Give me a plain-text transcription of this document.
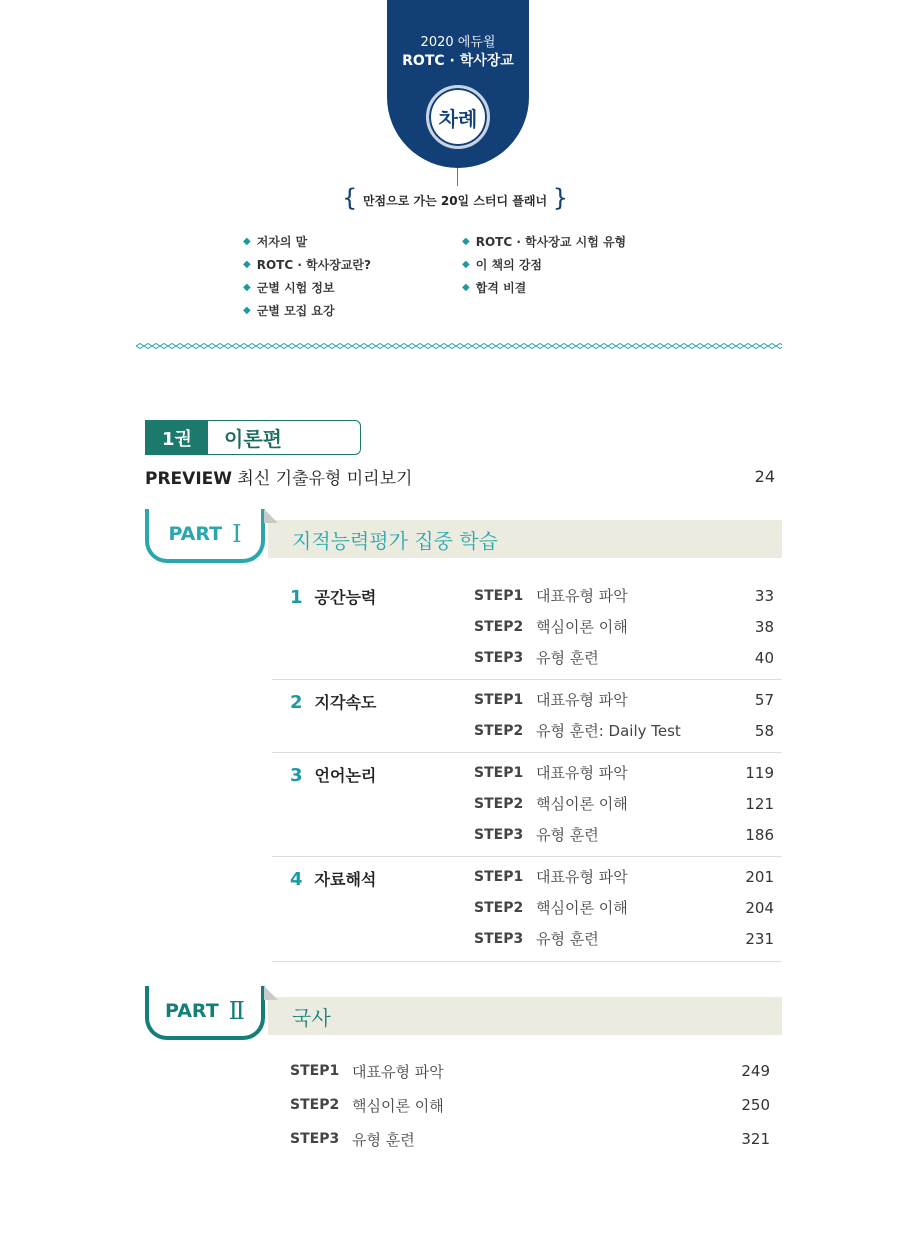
2020 에듀윌
ROTC · 학사장교
차례
{ 만점으로 가는 20일 스터디 플래너 }
◆ 저자의 말
◆ ROTC · 학사장교란?
◆ 군별 시험 정보
◆ 군별 모집 요강
◆ ROTC · 학사장교 시험 유형
◆ 이 책의 강점
◆ 합격 비결
1권	이론편
PREVIEW 최신 기출유형 미리보기	24
지적능력평가 집중 학습
PART Ⅰ
1 공간능력	STEP1 대표유형 파악	33
STEP2 핵심이론 이해	38
STEP3 유형 훈련	40
2 지각속도	STEP1 대표유형 파악	57
STEP2 유형 훈련: Daily Test	58
3 언어논리	STEP1 대표유형 파악	119
STEP2 핵심이론 이해	121
STEP3 유형 훈련	186
4 자료해석	STEP1 대표유형 파악	201
STEP2 핵심이론 이해	204
STEP3 유형 훈련	231
국사
PART Ⅱ
STEP1 대표유형 파악	249
STEP2 핵심이론 이해	250
STEP3 유형 훈련	321
